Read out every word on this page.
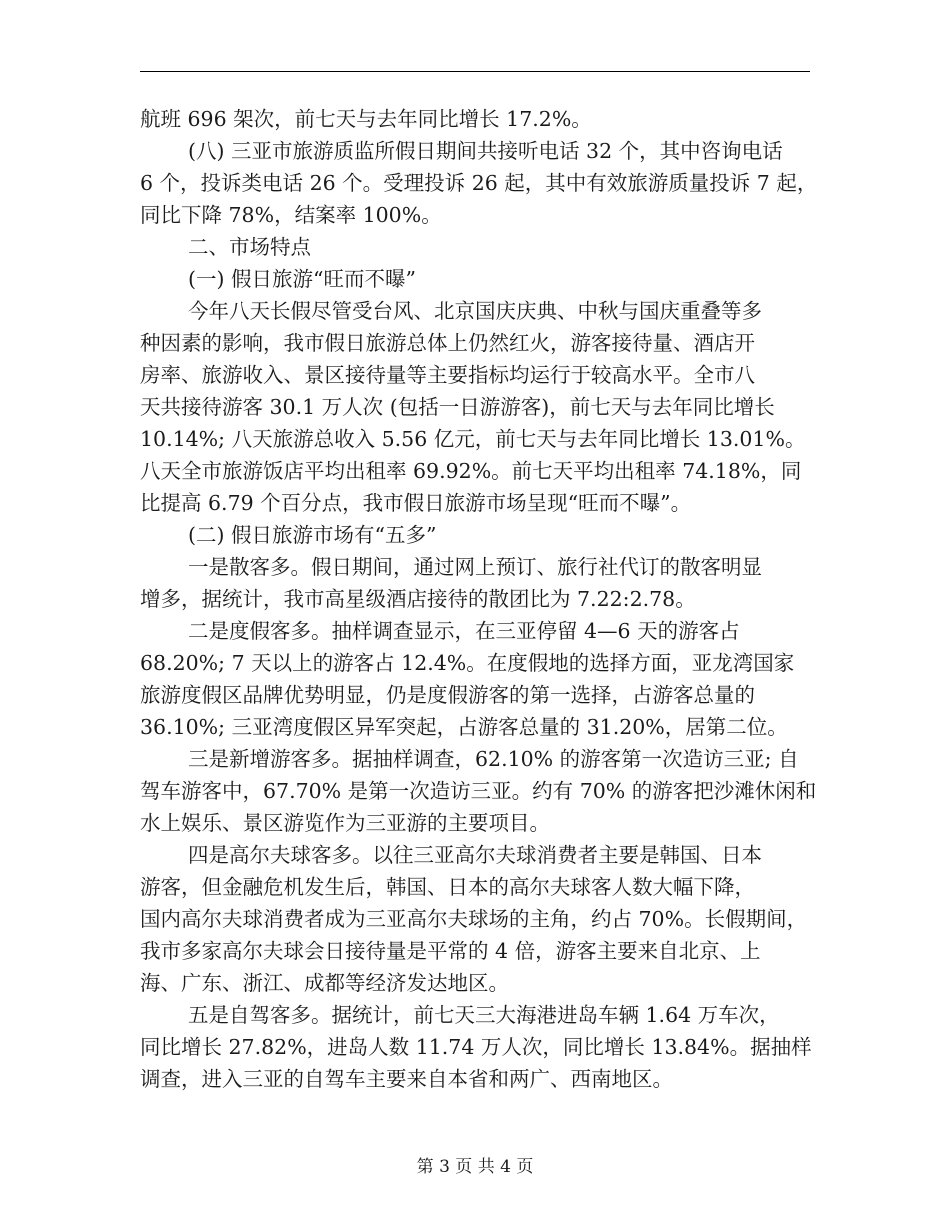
航班 696 架次，前七天与去年同比增长 17.2%。
(八) 三亚市旅游质监所假日期间共接听电话 32 个，其中咨询电话
6 个，投诉类电话 26 个。受理投诉 26 起，其中有效旅游质量投诉 7 起，
同比下降 78%，结案率 100%。
二、市场特点
(一) 假日旅游“旺而不曝”
今年八天长假尽管受台风、北京国庆庆典、中秋与国庆重叠等多
种因素的影响，我市假日旅游总体上仍然红火，游客接待量、酒店开
房率、旅游收入、景区接待量等主要指标均运行于较高水平。全市八
天共接待游客 30.1 万人次 (包括一日游游客)，前七天与去年同比增长
10.14%; 八天旅游总收入 5.56 亿元，前七天与去年同比增长 13.01%。
八天全市旅游饭店平均出租率 69.92%。前七天平均出租率 74.18%，同
比提高 6.79 个百分点，我市假日旅游市场呈现“旺而不曝”。
(二) 假日旅游市场有“五多”
一是散客多。假日期间，通过网上预订、旅行社代订的散客明显
增多，据统计，我市高星级酒店接待的散团比为 7.22:2.78。
二是度假客多。抽样调查显示，在三亚停留 4—6 天的游客占
68.20%; 7 天以上的游客占 12.4%。在度假地的选择方面，亚龙湾国家
旅游度假区品牌优势明显，仍是度假游客的第一选择，占游客总量的
36.10%; 三亚湾度假区异军突起，占游客总量的 31.20%，居第二位。
三是新增游客多。据抽样调查，62.10% 的游客第一次造访三亚; 自
驾车游客中，67.70% 是第一次造访三亚。约有 70% 的游客把沙滩休闲和
水上娱乐、景区游览作为三亚游的主要项目。
四是高尔夫球客多。以往三亚高尔夫球消费者主要是韩国、日本
游客，但金融危机发生后，韩国、日本的高尔夫球客人数大幅下降，
国内高尔夫球消费者成为三亚高尔夫球场的主角，约占 70%。长假期间，
我市多家高尔夫球会日接待量是平常的 4 倍，游客主要来自北京、上
海、广东、浙江、成都等经济发达地区。
五是自驾客多。据统计，前七天三大海港进岛车辆 1.64 万车次，
同比增长 27.82%，进岛人数 11.74 万人次，同比增长 13.84%。据抽样
调查，进入三亚的自驾车主要来自本省和两广、西南地区。
第 3 页 共 4 页
